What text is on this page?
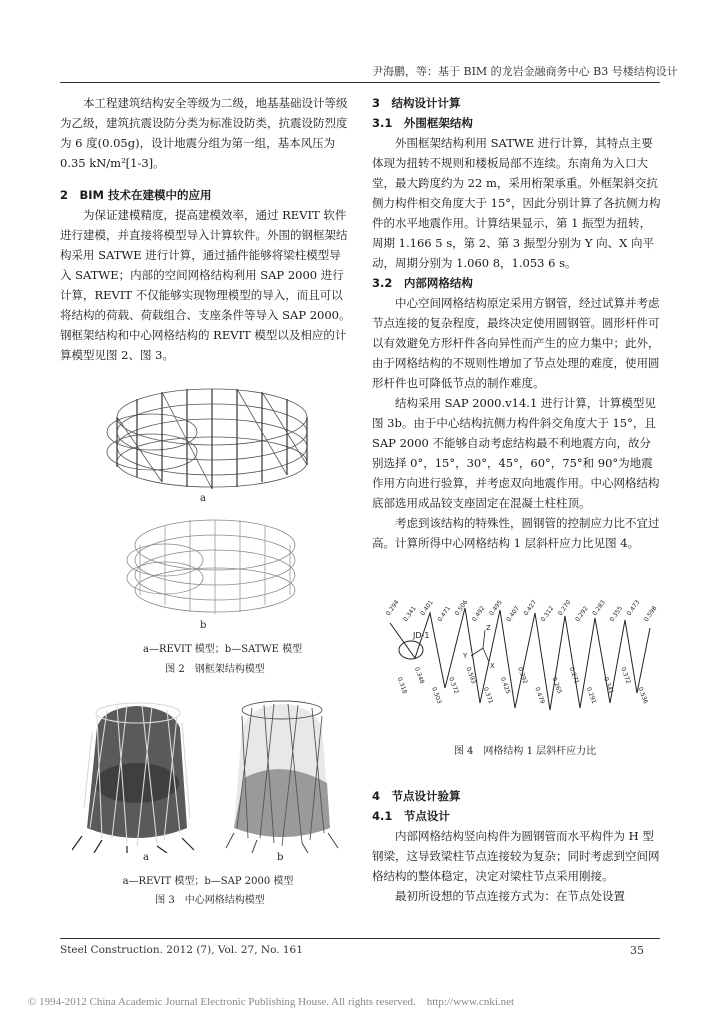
尹海鹏，等：基于 BIM 的龙岩金融商务中心 B3 号楼结构设计

本工程建筑结构安全等级为二级，地基基础设计等级为乙级，建筑抗震设防分类为标准设防类，抗震设防烈度为 6 度(0.05g)，设计地震分组为第一组，基本风压为 0.35 kN/m²[1-3]。

2　BIM 技术在建模中的应用

为保证建模精度，提高建模效率，通过 REVIT 软件进行建模，并直接将模型导入计算软件。外围的钢框架结构采用 SATWE 进行计算，通过插件能够将梁柱模型导入 SATWE；内部的空间网格结构利用 SAP 2000 进行计算，REVIT 不仅能够实现物理模型的导入，而且可以将结构的荷载、荷载组合、支座条件等导入 SAP 2000。钢框架结构和中心网格结构的 REVIT 模型以及相应的计算模型见图 2、图 3。

a
b
a—REVIT 模型；b—SATWE 模型
图 2　钢框架结构模型
a	b
a—REVIT 模型；b—SAP 2000 模型
图 3　中心网格结构模型
3　结构设计计算
3.1　外围框架结构

外围框架结构利用 SATWE 进行计算，其特点主要体现为扭转不规则和楼板局部不连续。东南角为入口大堂，最大跨度约为 22 m，采用桁架承重。外框架斜交抗侧力构件相交角度大于 15°，因此分别计算了各抗侧力构件的水平地震作用。计算结果显示，第 1 振型为扭转，周期 1.166 5 s，第 2、第 3 振型分别为 Y 向、X 向平动，周期分别为 1.060 8，1.053 6 s。

3.2　内部网格结构

中心空间网格结构原定采用方钢管，经过试算并考虑节点连接的复杂程度，最终决定使用圆钢管。圆形杆件可以有效避免方形杆件各向异性而产生的应力集中；此外，由于网格结构的不规则性增加了节点处理的难度，使用圆形杆件也可降低节点的制作难度。

结构采用 SAP 2000.v14.1 进行计算，计算模型见图 3b。由于中心结构抗侧力构件斜交角度大于 15°，且 SAP 2000 不能够自动考虑结构最不利地震方向，故分别选择 0°，15°，30°，45°，60°，75°和 90°为地震作用方向进行验算，并考虑双向地震作用。中心网格结构底部选用成品铰支座固定在混凝土柱柱顶。

考虑到该结构的特殊性，圆钢管的控制应力比不宜过高。计算所得中心网格结构 1 层斜杆应力比见图 4。

JD-1
Z
Y
X
0.294
0.318
0.341
0.348
0.401
0.503
0.471
0.572
0.506
0.593
0.492
0.371
0.495
0.425
0.407
0.392
0.427
0.479
0.312
0.265
0.270
0.271
0.292
0.291
0.283
0.341
0.355
0.372
0.473
0.536
0.598
图 4　网格结构 1 层斜杆应力比
4　节点设计验算
4.1　节点设计

内部网格结构竖向构件为圆钢管而水平构件为 H 型钢梁，这导致梁柱节点连接较为复杂；同时考虑到空间网格结构的整体稳定，决定对梁柱节点采用刚接。

最初所设想的节点连接方式为：在节点处设置

Steel Construction. 2012 (7), Vol. 27, No. 161	35
© 1994-2012 China Academic Journal Electronic Publishing House. All rights reserved.　http://www.cnki.net
